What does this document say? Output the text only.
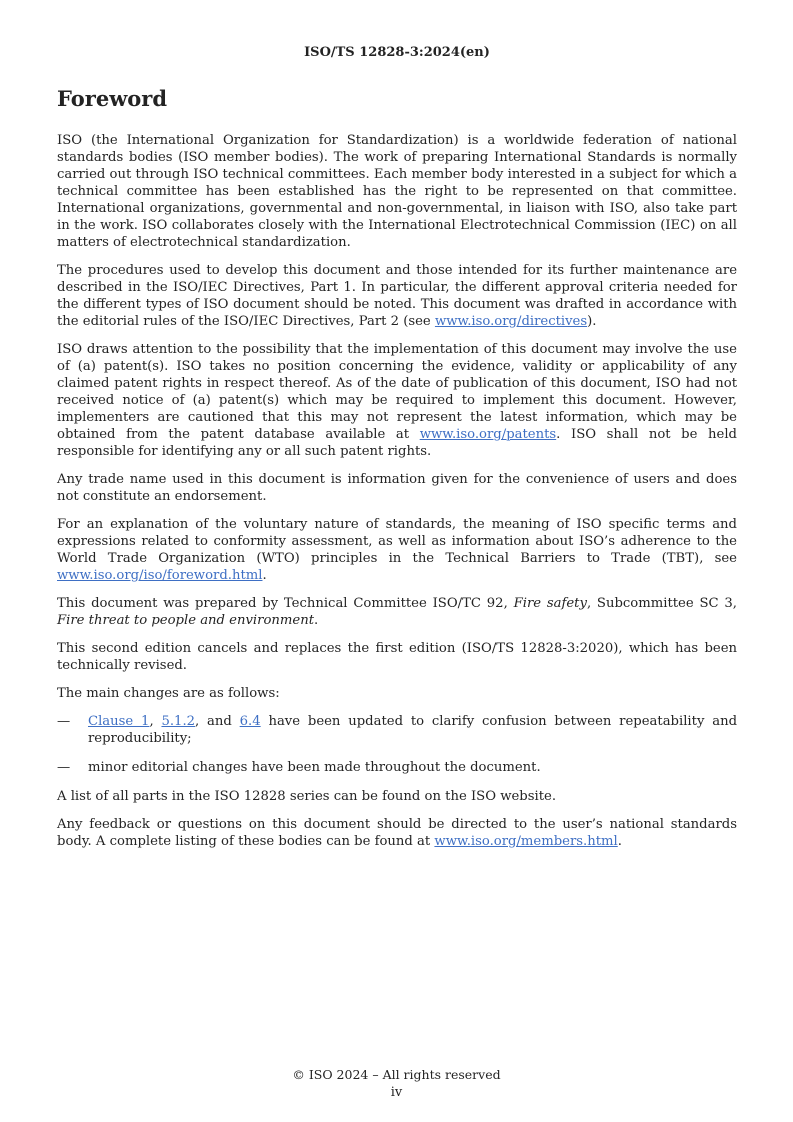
ISO/TS 12828-3:2024(en)
Foreword
ISO (the International Organization for Standardization) is a worldwide federation of national standards bodies (ISO member bodies). The work of preparing International Standards is normally carried out through ISO technical committees. Each member body interested in a subject for which a technical committee has been established has the right to be represented on that committee. International organizations, governmental and non-governmental, in liaison with ISO, also take part in the work. ISO collaborates closely with the International Electrotechnical Commission (IEC) on all matters of electrotechnical standardization.
The procedures used to develop this document and those intended for its further maintenance are described in the ISO/IEC Directives, Part 1. In particular, the different approval criteria needed for the different types of ISO document should be noted. This document was drafted in accordance with the editorial rules of the ISO/IEC Directives, Part 2 (see www.iso.org/directives).
ISO draws attention to the possibility that the implementation of this document may involve the use of (a) patent(s). ISO takes no position concerning the evidence, validity or applicability of any claimed patent rights in respect thereof. As of the date of publication of this document, ISO had not received notice of (a) patent(s) which may be required to implement this document. However, implementers are cautioned that this may not represent the latest information, which may be obtained from the patent database available at www.iso.org/patents. ISO shall not be held responsible for identifying any or all such patent rights.
Any trade name used in this document is information given for the convenience of users and does not constitute an endorsement.
For an explanation of the voluntary nature of standards, the meaning of ISO specific terms and expressions related to conformity assessment, as well as information about ISO’s adherence to the World Trade Organization (WTO) principles in the Technical Barriers to Trade (TBT), see www.iso.org/iso/foreword.html.
This document was prepared by Technical Committee ISO/TC 92, Fire safety, Subcommittee SC 3, Fire threat to people and environment.
This second edition cancels and replaces the first edition (ISO/TS 12828-3:2020), which has been technically revised.
The main changes are as follows:
—	Clause 1, 5.1.2, and 6.4 have been updated to clarify confusion between repeatability and reproducibility;
—	minor editorial changes have been made throughout the document.
A list of all parts in the ISO 12828 series can be found on the ISO website.
Any feedback or questions on this document should be directed to the user’s national standards body. A complete listing of these bodies can be found at www.iso.org/members.html.
© ISO 2024 – All rights reserved
iv
